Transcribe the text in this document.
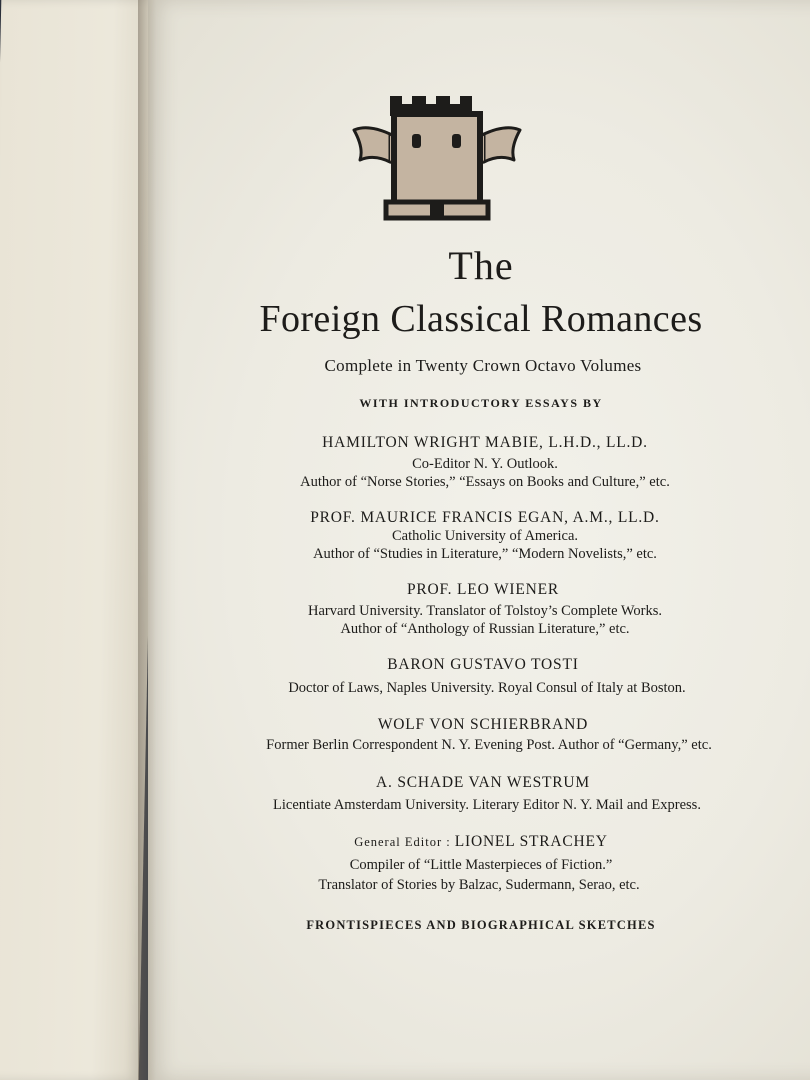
The
Foreign Classical Romances
Complete in Twenty Crown Octavo Volumes
WITH INTRODUCTORY ESSAYS BY
HAMILTON WRIGHT MABIE, L.H.D., LL.D.
Co-Editor N. Y. Outlook.
Author of “Norse Stories,” “Essays on Books and Culture,” etc.
PROF. MAURICE FRANCIS EGAN, A.M., LL.D.
Catholic University of America.
Author of “Studies in Literature,” “Modern Novelists,” etc.
PROF. LEO WIENER
Harvard University. Translator of Tolstoy’s Complete Works.
Author of “Anthology of Russian Literature,” etc.
BARON GUSTAVO TOSTI
Doctor of Laws, Naples University. Royal Consul of Italy at Boston.
WOLF VON SCHIERBRAND
Former Berlin Correspondent N. Y. Evening Post. Author of “Germany,” etc.
A. SCHADE VAN WESTRUM
Licentiate Amsterdam University. Literary Editor N. Y. Mail and Express.
General Editor : LIONEL STRACHEY
Compiler of “Little Masterpieces of Fiction.”
Translator of Stories by Balzac, Sudermann, Serao, etc.
FRONTISPIECES AND BIOGRAPHICAL SKETCHES
